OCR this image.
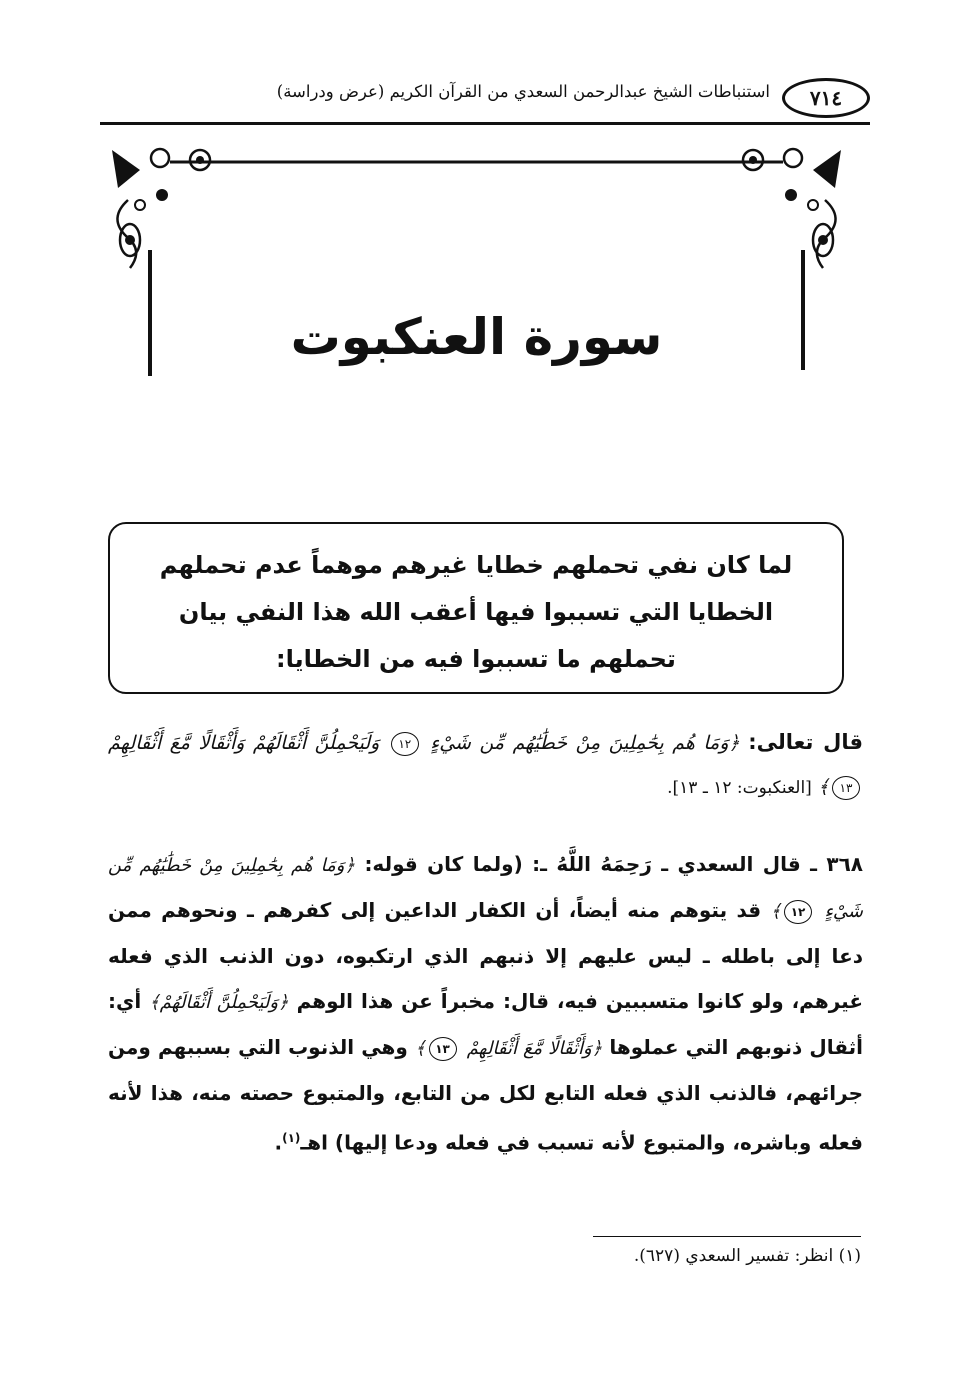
٧١٤
استنباطات الشيخ عبدالرحمن السعدي من القرآن الكريم (عرض ودراسة)
سورة العنكبوت
لما كان نفي تحملهم خطايا غيرهم موهماً عدم تحملهم الخطايا التي تسببوا فيها أعقب الله هذا النفي بيان تحملهم ما تسببوا فيه من الخطايا:
قال تعالى: ﴿وَمَا هُم بِحَٰمِلِينَ مِنْ خَطَٰيَٰهُم مِّن شَيْءٍ ١٢ وَلَيَحْمِلُنَّ أَثْقَالَهُمْ وَأَثْقَالًا مَّعَ أَثْقَالِهِمْ ١٣﴾ [العنكبوت: ١٢ ـ ١٣].
٣٦٨ ـ قال السعدي ـ رَحِمَهُ اللَّهُ ـ: (ولما كان قوله: ﴿وَمَا هُم بِحَٰمِلِينَ مِنْ خَطَٰيَٰهُم مِّن شَيْءٍ ١٢﴾ قد يتوهم منه أيضاً، أن الكفار الداعين إلى كفرهم ـ ونحوهم ممن دعا إلى باطله ـ ليس عليهم إلا ذنبهم الذي ارتكبوه، دون الذنب الذي فعله غيرهم، ولو كانوا متسببين فيه، قال: مخبراً عن هذا الوهم ﴿وَلَيَحْمِلُنَّ أَثْقَالَهُمْ﴾ أي: أثقال ذنوبهم التي عملوها ﴿وَأَثْقَالًا مَّعَ أَثْقَالِهِمْ ١٣﴾ وهي الذنوب التي بسببهم ومن جرائهم، فالذنب الذي فعله التابع لكل من التابع، والمتبوع حصته منه، هذا لأنه فعله وباشره، والمتبوع لأنه تسبب في فعله ودعا إليها) اهـ$^{(١)}$.
(١) انظر: تفسير السعدي (٦٢٧).
